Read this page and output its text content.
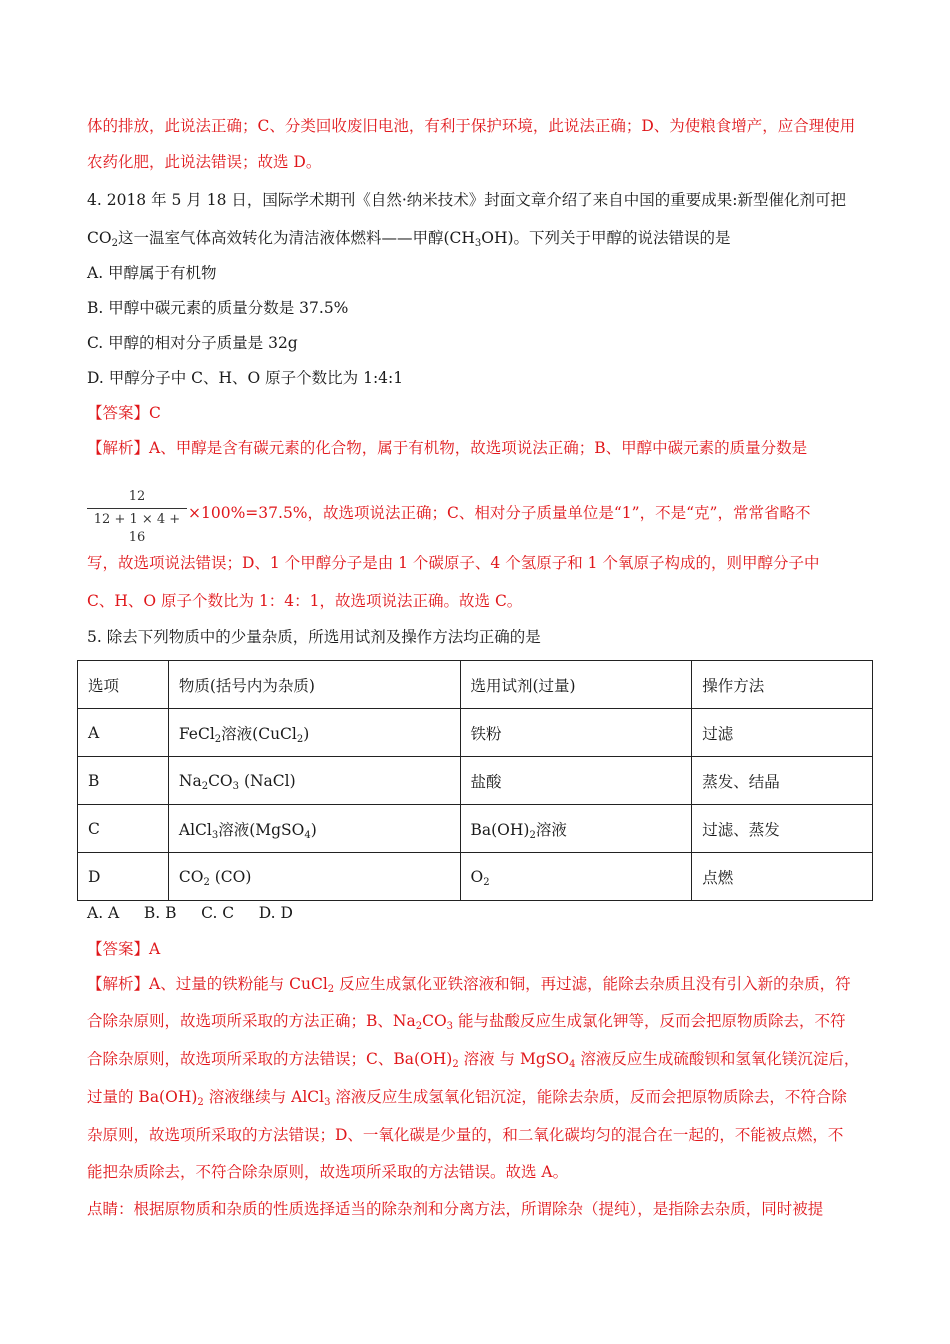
体的排放，此说法正确；C、分类回收废旧电池，有利于保护环境，此说法正确；D、为使粮食增产，应合理使用
农药化肥，此说法错误；故选 D。
4. 2018 年 5 月 18 日，国际学术期刊《自然·纳米技术》封面文章介绍了来自中国的重要成果:新型催化剂可把
$CO_2$这一温室气体高效转化为清洁液体燃料——甲醇$(CH_3OH)$。下列关于甲醇的说法错误的是
A. 甲醇属于有机物
B. 甲醇中碳元素的质量分数是 37.5%
C. 甲醇的相对分子质量是 32g
D. 甲醇分子中 C、H、O 原子个数比为 1:4:1
【答案】C
【解析】A、甲醇是含有碳元素的化合物，属于有机物，故选项说法正确；B、甲醇中碳元素的质量分数是
12
12 + 1 × 4 + 16
×100%=37.5%，故选项说法正确；C、相对分子质量单位是“1”，不是“克”，常常省略不
写，故选项说法错误；D、1 个甲醇分子是由 1 个碳原子、4 个氢原子和 1 个氧原子构成的，则甲醇分子中
C、H、O 原子个数比为 1：4：1，故选项说法正确。故选 C。
5. 除去下列物质中的少量杂质，所选用试剂及操作方法均正确的是
选项	物质(括号内为杂质)	选用试剂(过量)	操作方法
A	FeCl$_2$溶液(CuCl$_2$)	铁粉	过滤
B	$Na_2CO_3$ (NaCl)	盐酸	蒸发、结晶
C	AlCl$_3$溶液(MgSO$_4$)	$Ba(OH)_2$溶液	过滤、蒸发
D	$CO_2$ (CO)	$O_2$	点燃
A. A     B. B     C. C     D. D
【答案】A
【解析】A、过量的铁粉能与 CuCl$_2$ 反应生成氯化亚铁溶液和铜，再过滤，能除去杂质且没有引入新的杂质，符
合除杂原则，故选项所采取的方法正确；B、$Na_2CO_3$ 能与盐酸反应生成氯化钾等，反而会把原物质除去，不符
合除杂原则，故选项所采取的方法错误；C、$Ba(OH)_2$ 溶液 与 MgSO$_4$ 溶液反应生成硫酸钡和氢氧化镁沉淀后，
过量的 $Ba(OH)_2$ 溶液继续与 AlCl$_3$ 溶液反应生成氢氧化铝沉淀，能除去杂质，反而会把原物质除去，不符合除
杂原则，故选项所采取的方法错误；D、一氧化碳是少量的，和二氧化碳均匀的混合在一起的，不能被点燃，不
能把杂质除去，不符合除杂原则，故选项所采取的方法错误。故选 A。
点睛：根据原物质和杂质的性质选择适当的除杂剂和分离方法，所谓除杂（提纯），是指除去杂质，同时被提
